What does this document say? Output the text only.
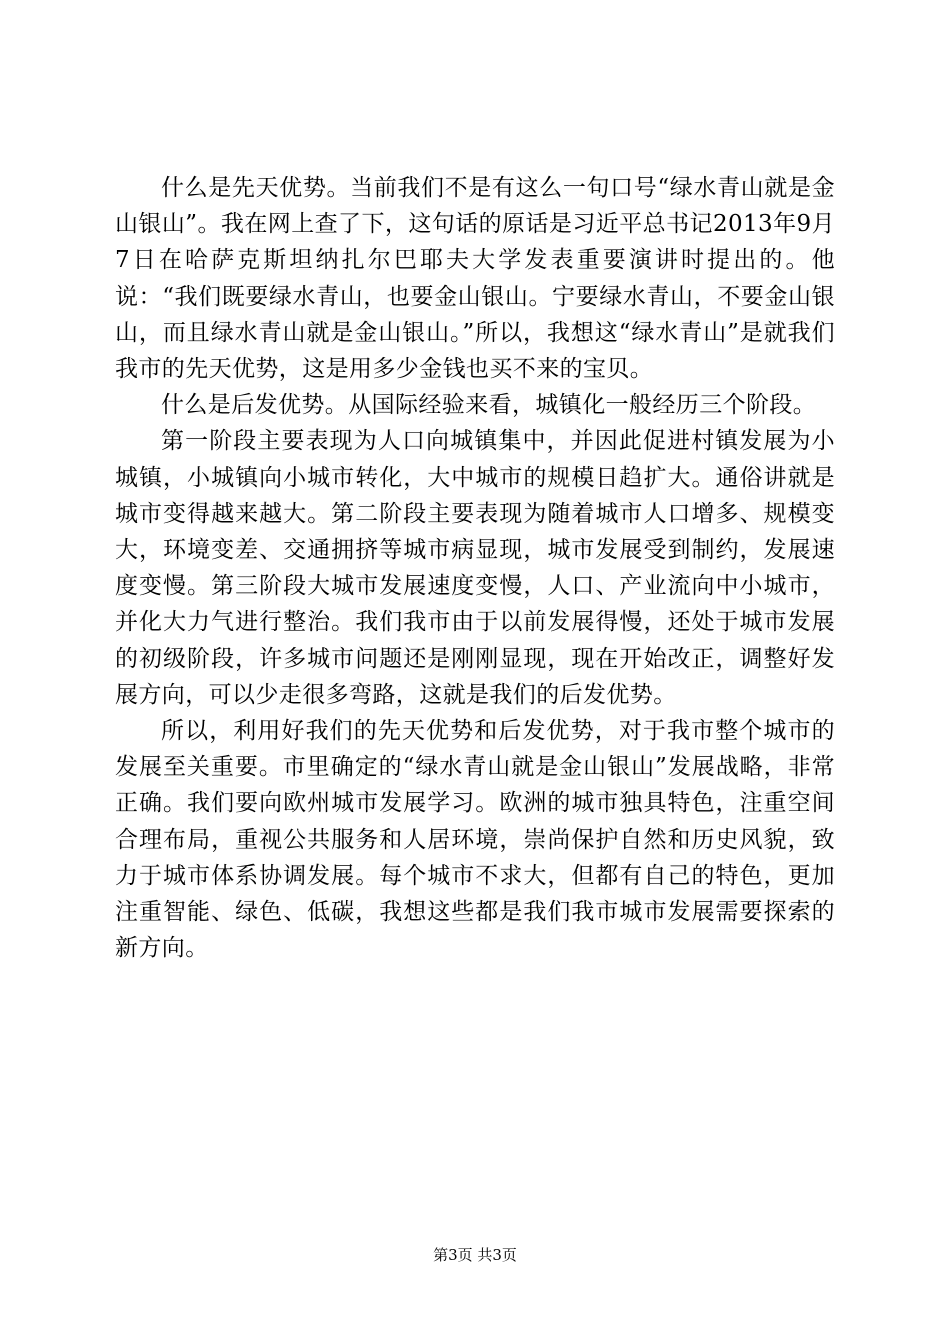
什么是先天优势。当前我们不是有这么一句口号“绿水青山就是金山银山”。我在网上查了下，这句话的原话是习近平总书记2013年9月7日在哈萨克斯坦纳扎尔巴耶夫大学发表重要演讲时提出的。他说：“我们既要绿水青山，也要金山银山。宁要绿水青山，不要金山银山，而且绿水青山就是金山银山。”所以，我想这“绿水青山”是就我们我市的先天优势，这是用多少金钱也买不来的宝贝。

什么是后发优势。从国际经验来看，城镇化一般经历三个阶段。

第一阶段主要表现为人口向城镇集中，并因此促进村镇发展为小城镇，小城镇向小城市转化，大中城市的规模日趋扩大。通俗讲就是城市变得越来越大。第二阶段主要表现为随着城市人口增多、规模变大，环境变差、交通拥挤等城市病显现，城市发展受到制约，发展速度变慢。第三阶段大城市发展速度变慢，人口、产业流向中小城市，并化大力气进行整治。我们我市由于以前发展得慢，还处于城市发展的初级阶段，许多城市问题还是刚刚显现，现在开始改正，调整好发展方向，可以少走很多弯路，这就是我们的后发优势。

所以，利用好我们的先天优势和后发优势，对于我市整个城市的发展至关重要。市里确定的“绿水青山就是金山银山”发展战略，非常正确。我们要向欧州城市发展学习。欧洲的城市独具特色，注重空间合理布局，重视公共服务和人居环境，崇尚保护自然和历史风貌，致力于城市体系协调发展。每个城市不求大，但都有自己的特色，更加注重智能、绿色、低碳，我想这些都是我们我市城市发展需要探索的新方向。

第3页 共3页
